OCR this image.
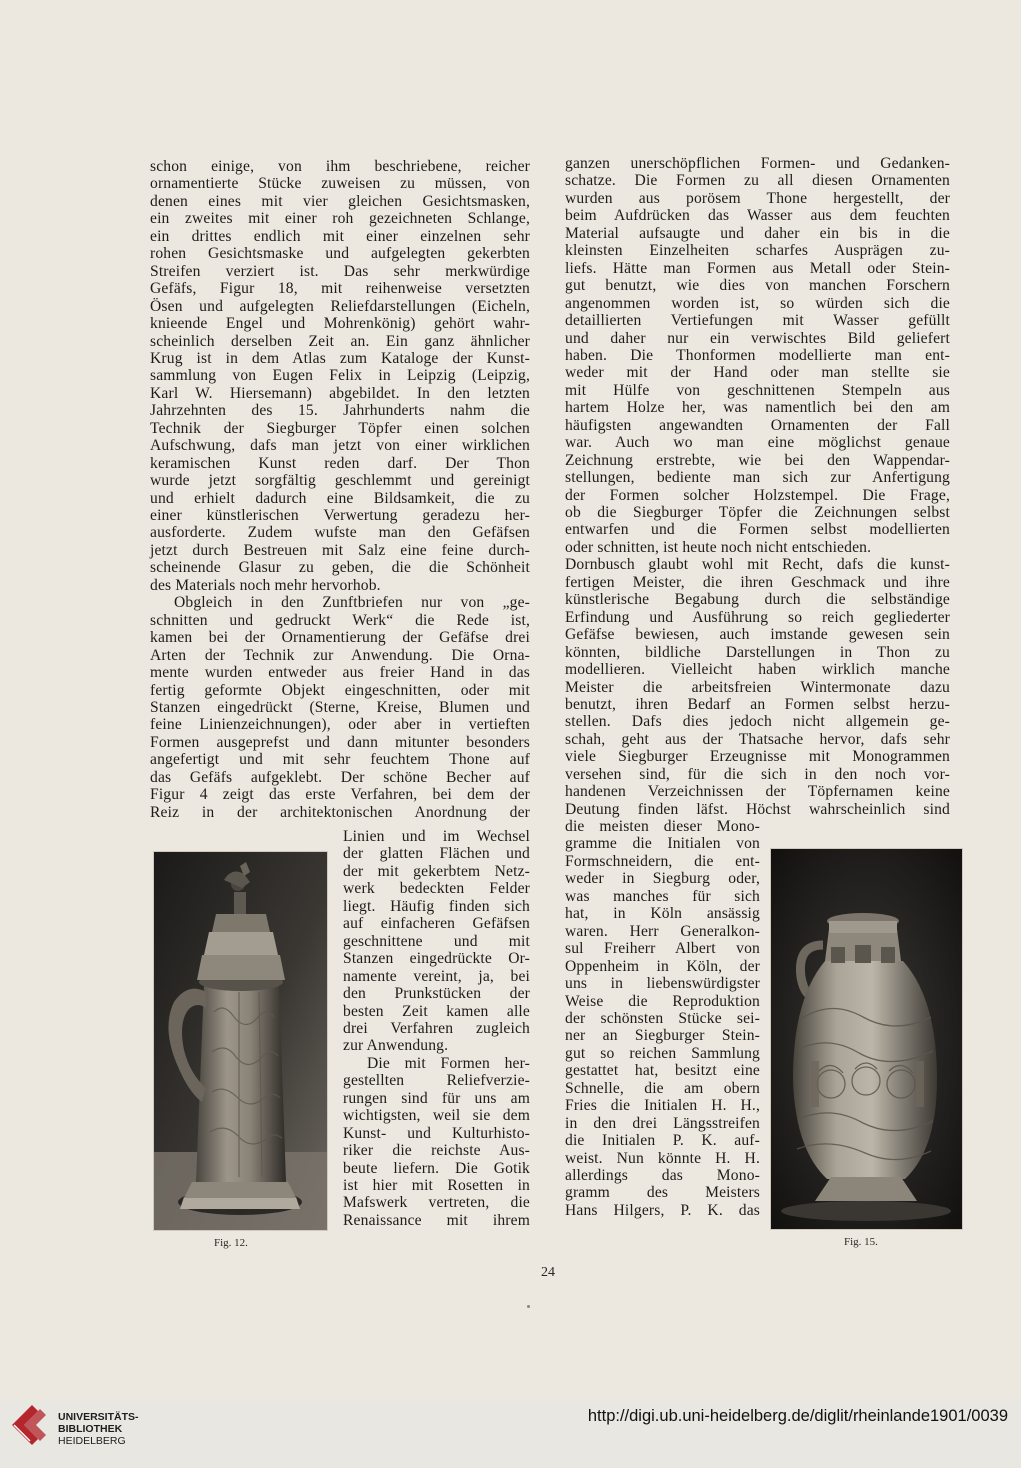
schon einige, von ihm beschriebene, reicher
ornamentierte Stücke zuweisen zu müssen, von
denen eines mit vier gleichen Gesichtsmasken,
ein zweites mit einer roh gezeichneten Schlange,
ein drittes endlich mit einer einzelnen sehr
rohen Gesichtsmaske und aufgelegten gekerbten
Streifen verziert ist. Das sehr merkwürdige
Gefäfs, Figur 18, mit reihenweise versetzten
Ösen und aufgelegten Reliefdarstellungen (Eicheln,
knieende Engel und Mohrenkönig) gehört wahr-
scheinlich derselben Zeit an. Ein ganz ähnlicher
Krug ist in dem Atlas zum Kataloge der Kunst-
sammlung von Eugen Felix in Leipzig (Leipzig,
Karl W. Hiersemann) abgebildet. In den letzten
Jahrzehnten des 15. Jahrhunderts nahm die
Technik der Siegburger Töpfer einen solchen
Aufschwung, dafs man jetzt von einer wirklichen
keramischen Kunst reden darf. Der Thon
wurde jetzt sorgfältig geschlemmt und gereinigt
und erhielt dadurch eine Bildsamkeit, die zu
einer künstlerischen Verwertung geradezu her-
ausforderte. Zudem wufste man den Gefäfsen
jetzt durch Bestreuen mit Salz eine feine durch-
scheinende Glasur zu geben, die die Schönheit
des Materials noch mehr hervorhob.
Obgleich in den Zunftbriefen nur von „ge-
schnitten und gedruckt Werk“ die Rede ist,
kamen bei der Ornamentierung der Gefäfse drei
Arten der Technik zur Anwendung. Die Orna-
mente wurden entweder aus freier Hand in das
fertig geformte Objekt eingeschnitten, oder mit
Stanzen eingedrückt (Sterne, Kreise, Blumen und
feine Linienzeichnungen), oder aber in vertieften
Formen ausgeprefst und dann mitunter besonders
angefertigt und mit sehr feuchtem Thone auf
das Gefäfs aufgeklebt. Der schöne Becher auf
Figur 4 zeigt das erste Verfahren, bei dem der
Reiz in der architektonischen Anordnung der
Linien und im Wechsel
der glatten Flächen und
der mit gekerbtem Netz-
werk bedeckten Felder
liegt. Häufig finden sich
auf einfacheren Gefäfsen
geschnittene und mit
Stanzen eingedrückte Or-
namente vereint, ja, bei
den Prunkstücken der
besten Zeit kamen alle
drei Verfahren zugleich
zur Anwendung.
Die mit Formen her-
gestellten Reliefverzie-
rungen sind für uns am
wichtigsten, weil sie dem
Kunst- und Kulturhisto-
riker die reichste Aus-
beute liefern. Die Gotik
ist hier mit Rosetten in
Mafswerk vertreten, die
Renaissance mit ihrem
ganzen unerschöpflichen Formen- und Gedanken-
schatze. Die Formen zu all diesen Ornamenten
wurden aus porösem Thone hergestellt, der
beim Aufdrücken das Wasser aus dem feuchten
Material aufsaugte und daher ein bis in die
kleinsten Einzelheiten scharfes Ausprägen zu-
liefs. Hätte man Formen aus Metall oder Stein-
gut benutzt, wie dies von manchen Forschern
angenommen worden ist, so würden sich die
detaillierten Vertiefungen mit Wasser gefüllt
und daher nur ein verwischtes Bild geliefert
haben. Die Thonformen modellierte man ent-
weder mit der Hand oder man stellte sie
mit Hülfe von geschnittenen Stempeln aus
hartem Holze her, was namentlich bei den am
häufigsten angewandten Ornamenten der Fall
war. Auch wo man eine möglichst genaue
Zeichnung erstrebte, wie bei den Wappendar-
stellungen, bediente man sich zur Anfertigung
der Formen solcher Holzstempel. Die Frage,
ob die Siegburger Töpfer die Zeichnungen selbst
entwarfen und die Formen selbst modellierten
oder schnitten, ist heute noch nicht entschieden.
Dornbusch glaubt wohl mit Recht, dafs die kunst-
fertigen Meister, die ihren Geschmack und ihre
künstlerische Begabung durch die selbständige
Erfindung und Ausführung so reich gegliederter
Gefäfse bewiesen, auch imstande gewesen sein
könnten, bildliche Darstellungen in Thon zu
modellieren. Vielleicht haben wirklich manche
Meister die arbeitsfreien Wintermonate dazu
benutzt, ihren Bedarf an Formen selbst herzu-
stellen. Dafs dies jedoch nicht allgemein ge-
schah, geht aus der Thatsache hervor, dafs sehr
viele Siegburger Erzeugnisse mit Monogrammen
versehen sind, für die sich in den noch vor-
handenen Verzeichnissen der Töpfernamen keine
Deutung finden läfst. Höchst wahrscheinlich sind
die meisten dieser Mono-
gramme die Initialen von
Formschneidern, die ent-
weder in Siegburg oder,
was manches für sich
hat, in Köln ansässig
waren. Herr Generalkon-
sul Freiherr Albert von
Oppenheim in Köln, der
uns in liebenswürdigster
Weise die Reproduktion
der schönsten Stücke sei-
ner an Siegburger Stein-
gut so reichen Sammlung
gestattet hat, besitzt eine
Schnelle, die am obern
Fries die Initialen H. H.,
in den drei Längsstreifen
die Initialen P. K. auf-
weist. Nun könnte H. H.
allerdings das Mono-
gramm des Meisters
Hans Hilgers, P. K. das
Fig. 12.	Fig. 15.
24
UNIVERSITÄTS-
BIBLIOTHEK
HEIDELBERG
http://digi.ub.uni-heidelberg.de/diglit/rheinlande1901/0039
